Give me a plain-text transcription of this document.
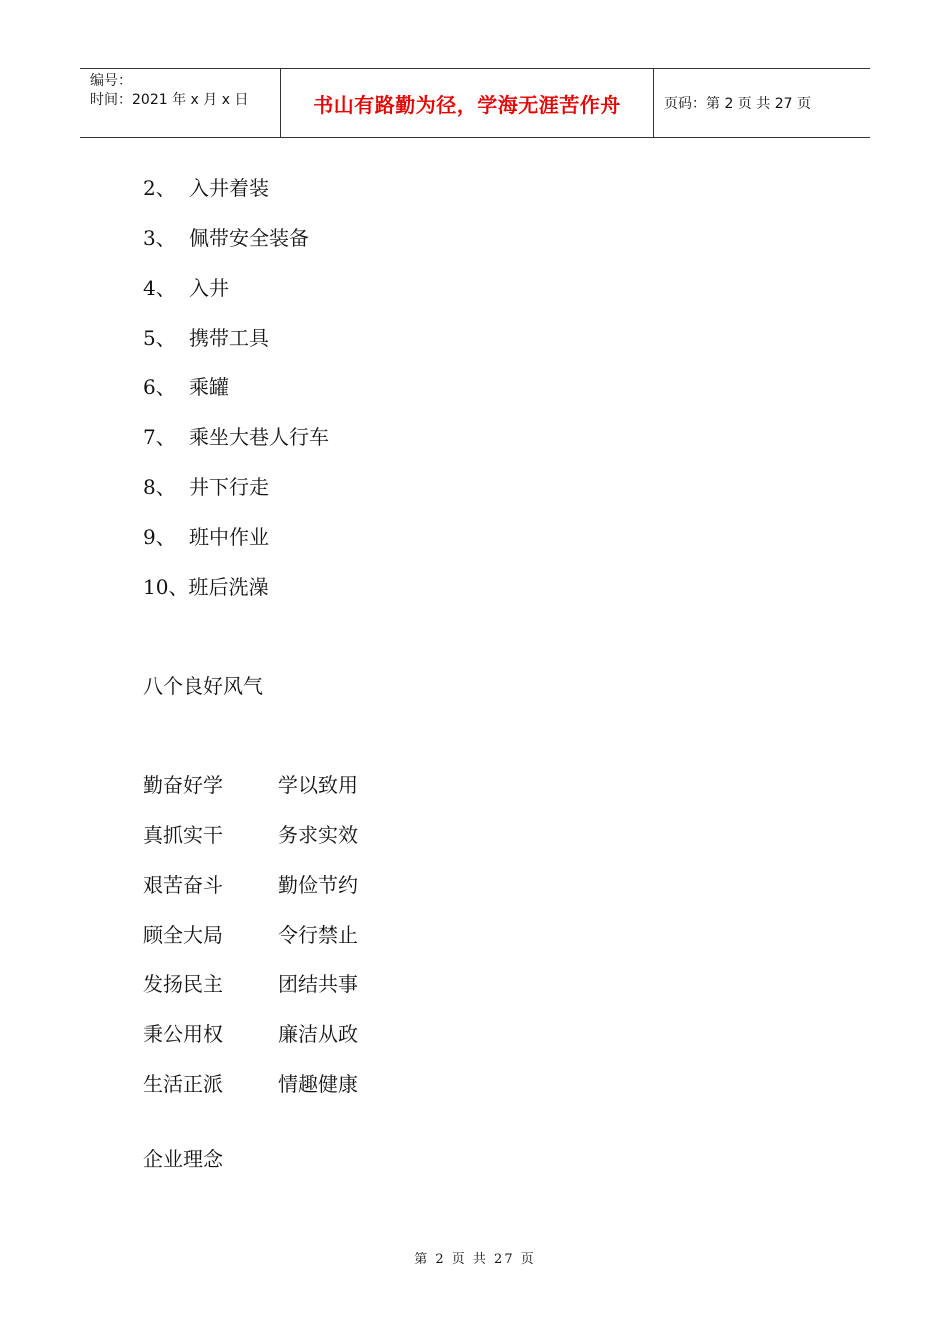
编号：
时间：2021 年 x 月 x 日	书山有路勤为径，学海无涯苦作舟	页码：第 2 页 共 27 页
2、 入井着装
3、 佩带安全装备
4、 入井
5、 携带工具
6、 乘罐
7、 乘坐大巷人行车
8、 井下行走
9、 班中作业
10、班后洗澡
八个良好风气
勤奋好学	学以致用
真抓实干	务求实效
艰苦奋斗	勤俭节约
顾全大局	令行禁止
发扬民主	团结共事
秉公用权	廉洁从政
生活正派	情趣健康
企业理念
第 2 页 共 27 页
